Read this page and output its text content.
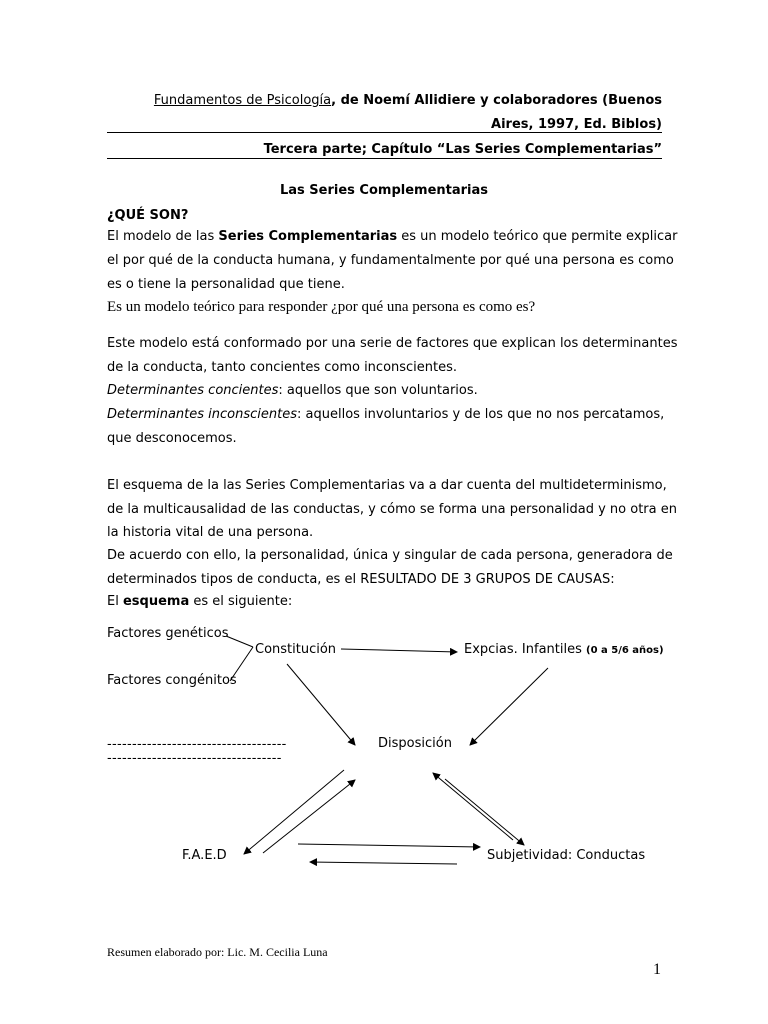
Fundamentos de Psicología, de Noemí Allidiere y colaboradores (Buenos
Aires, 1997, Ed. Biblos)
Tercera parte; Capítulo “Las Series Complementarias”
Las Series Complementarias
¿QUÉ SON?
El modelo de las Series Complementarias es un modelo teórico que permite explicar
el por qué de la conducta humana, y fundamentalmente por qué una persona es como
es o tiene la personalidad que tiene.
Es un modelo teórico para responder ¿por qué una persona es como es?
Este modelo está conformado por una serie de factores que explican los determinantes
de la conducta, tanto concientes como inconscientes.
Determinantes concientes: aquellos que son voluntarios.
Determinantes inconscientes: aquellos involuntarios y de los que no nos percatamos,
que desconocemos.
El esquema de la las Series Complementarias va a dar cuenta del multideterminismo,
de la multicausalidad de las conductas, y cómo se forma una personalidad y no otra en
la historia vital de una persona.
De acuerdo con ello, la personalidad, única y singular de cada persona, generadora de
determinados tipos de conducta, es el RESULTADO DE 3 GRUPOS DE CAUSAS:
El esquema es el siguiente:
Factores genéticos
Factores congénitos
Constitución	Expcias. Infantiles (0 a 5/6 años)
------------------------------------
-----------------------------------
Disposición
F.A.E.D	Subjetividad: Conductas
Resumen elaborado por: Lic. M. Cecilia Luna
1
